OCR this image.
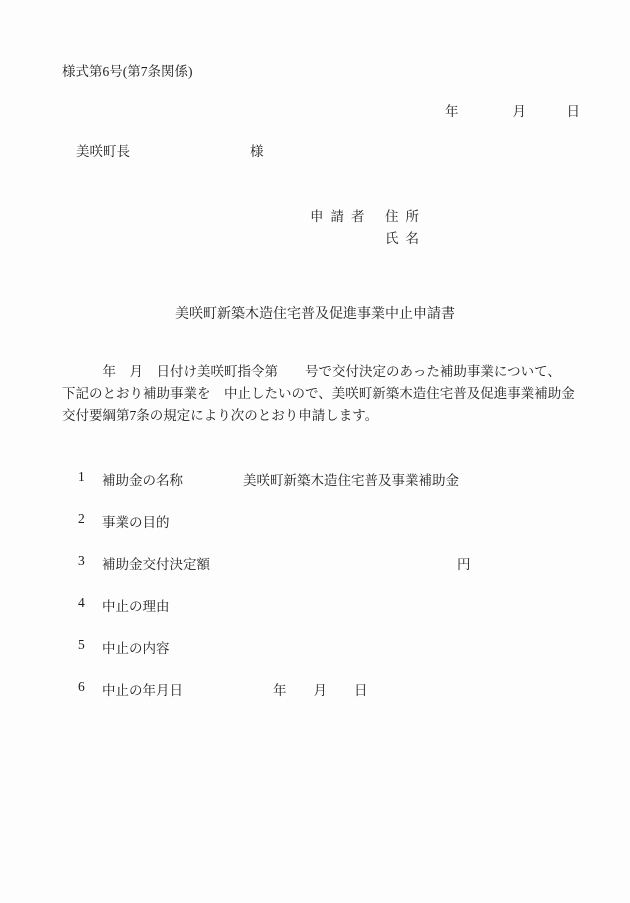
様式第6号(第7条関係)
年　　　　月　　　日
美咲町長	様
申請者 住所
氏名
美咲町新築木造住宅普及促進事業中止申請書
　　　年　月　日付け美咲町指令第　　号で交付決定のあった補助事業について、
下記のとおり補助事業を　中止したいので、美咲町新築木造住宅普及促進事業補助金
交付要綱第7条の規定により次のとおり申請します。
1 補助金の名称	美咲町新築木造住宅普及事業補助金
2 事業の目的
3 補助金交付決定額	円
4 中止の理由
5 中止の内容
6 中止の年月日	年　　月　　日
